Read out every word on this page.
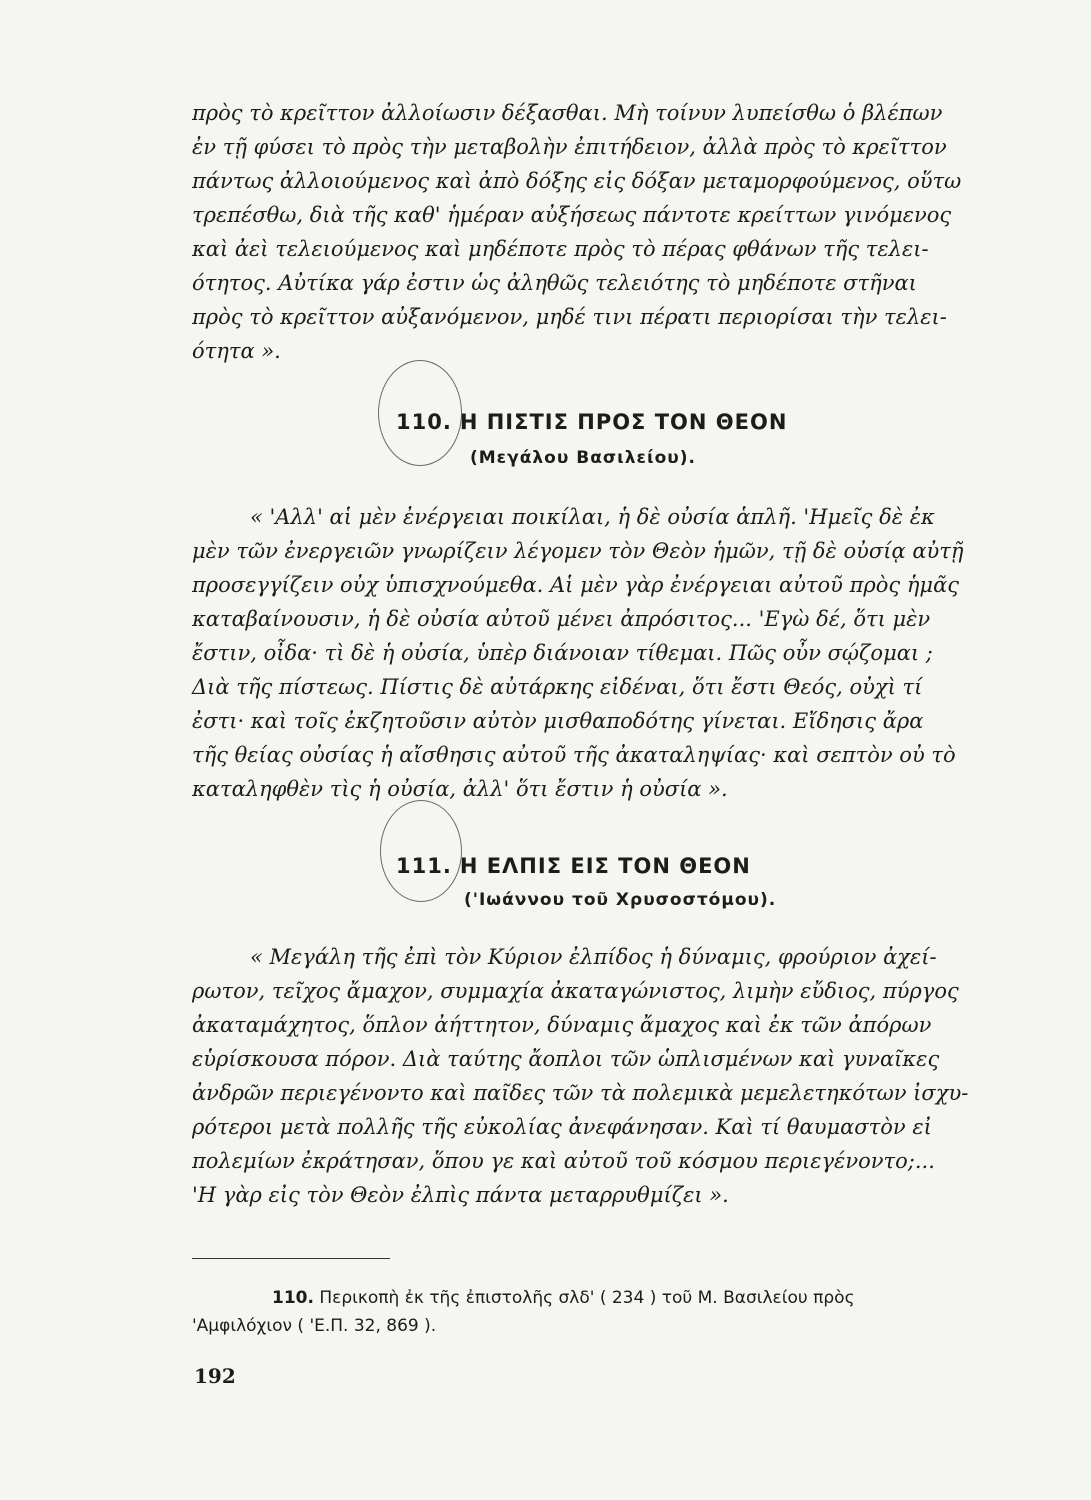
πρὸς τὸ κρεῖττον ἀλλοίωσιν δέξασθαι. Μὴ τοίνυν λυπείσθω ὁ βλέπων
ἐν τῇ φύσει τὸ πρὸς τὴν μεταβολὴν ἐπιτήδειον, ἀλλὰ πρὸς τὸ κρεῖττον
πάντως ἀλλοιούμενος καὶ ἀπὸ δόξης εἰς δόξαν μεταμορφούμενος, οὕτω
τρεπέσθω, διὰ τῆς καθ' ἡμέραν αὐξήσεως πάντοτε κρείττων γινόμενος
καὶ ἀεὶ τελειούμενος καὶ μηδέποτε πρὸς τὸ πέρας φθάνων τῆς τελει-
ότητος. Αὐτίκα γάρ ἐστιν ὡς ἀληθῶς τελειότης τὸ μηδέποτε στῆναι
πρὸς τὸ κρεῖττον αὐξανόμενον, μηδέ τινι πέρατι περιορίσαι τὴν τελει-
ότητα ».
110. Η ΠΙΣΤΙΣ ΠΡΟΣ ΤΟΝ ΘΕΟΝ
(Μεγάλου Βασιλείου).
« 'Αλλ' αἱ μὲν ἐνέργειαι ποικίλαι, ἡ δὲ οὐσία ἁπλῆ. 'Ημεῖς δὲ ἐκ
μὲν τῶν ἐνεργειῶν γνωρίζειν λέγομεν τὸν Θεὸν ἡμῶν, τῇ δὲ οὐσίᾳ αὐτῇ
προσεγγίζειν οὐχ ὑπισχνούμεθα. Αἱ μὲν γὰρ ἐνέργειαι αὐτοῦ πρὸς ἡμᾶς
καταβαίνουσιν, ἡ δὲ οὐσία αὐτοῦ μένει ἀπρόσιτος... 'Εγὼ δέ, ὅτι μὲν
ἔστιν, οἶδα· τὶ δὲ ἡ οὐσία, ὑπὲρ διάνοιαν τίθεμαι. Πῶς οὖν σῴζομαι ;
Διὰ τῆς πίστεως. Πίστις δὲ αὐτάρκης εἰδέναι, ὅτι ἔστι Θεός, οὐχὶ τί
ἐστι· καὶ τοῖς ἐκζητοῦσιν αὐτὸν μισθαποδότης γίνεται. Εἴδησις ἄρα
τῆς θείας οὐσίας ἡ αἴσθησις αὐτοῦ τῆς ἀκαταληψίας· καὶ σεπτὸν οὐ τὸ
καταληφθὲν τὶς ἡ οὐσία, ἀλλ' ὅτι ἔστιν ἡ οὐσία ».
111. Η ΕΛΠΙΣ ΕΙΣ ΤΟΝ ΘΕΟΝ
('Ιωάννου τοῦ Χρυσοστόμου).
« Μεγάλη τῆς ἐπὶ τὸν Κύριον ἐλπίδος ἡ δύναμις, φρούριον ἀχεί-
ρωτον, τεῖχος ἄμαχον, συμμαχία ἀκαταγώνιστος, λιμὴν εὔδιος, πύργος
ἀκαταμάχητος, ὅπλον ἀήττητον, δύναμις ἄμαχος καὶ ἐκ τῶν ἀπόρων
εὑρίσκουσα πόρον. Διὰ ταύτης ἄοπλοι τῶν ὡπλισμένων καὶ γυναῖκες
ἀνδρῶν περιεγένοντο καὶ παῖδες τῶν τὰ πολεμικὰ μεμελετηκότων ἰσχυ-
ρότεροι μετὰ πολλῆς τῆς εὐκολίας ἀνεφάνησαν. Καὶ τί θαυμαστὸν εἰ
πολεμίων ἐκράτησαν, ὅπου γε καὶ αὐτοῦ τοῦ κόσμου περιεγένοντο;...
'Η γὰρ εἰς τὸν Θεὸν ἐλπὶς πάντα μεταρρυθμίζει ».
110. Περικοπὴ ἐκ τῆς ἐπιστολῆς σλδ' ( 234 ) τοῦ Μ. Βασιλείου πρὸς
'Αμφιλόχιον ( 'Ε.Π. 32, 869 ).
192
